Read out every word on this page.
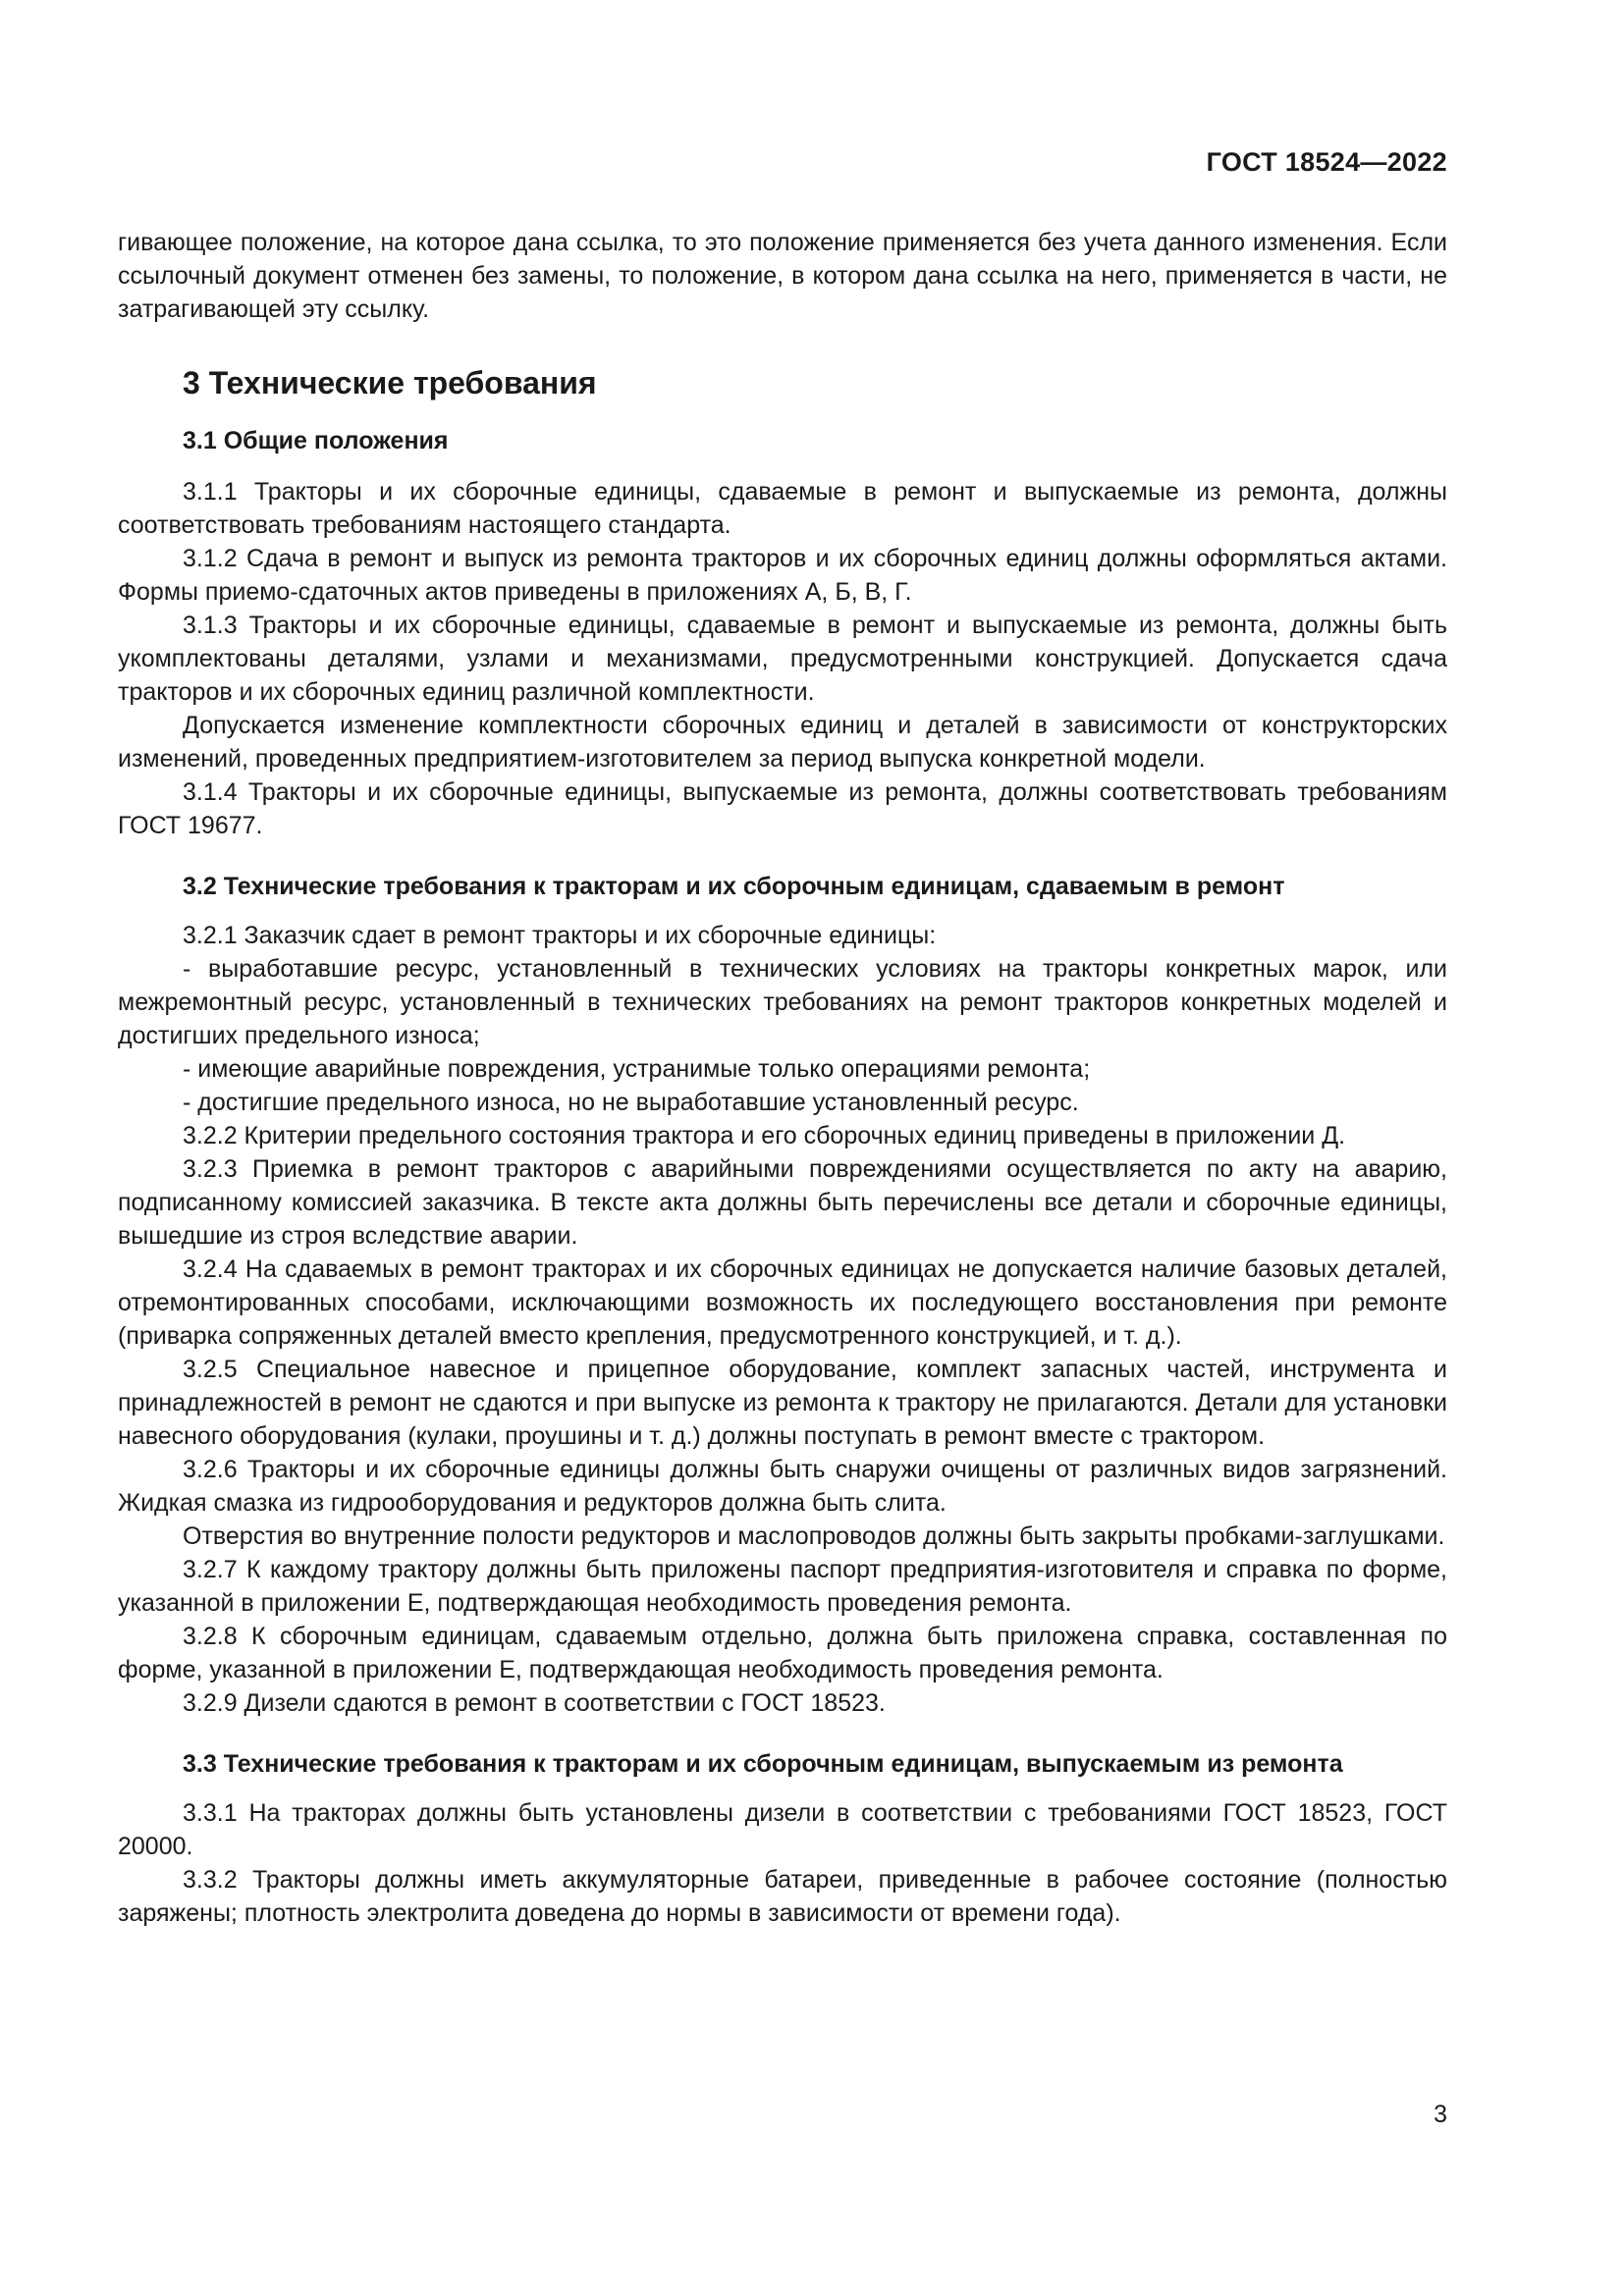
ГОСТ 18524—2022

гивающее положение, на которое дана ссылка, то это положение применяется без учета данного изменения. Если ссылочный документ отменен без замены, то положение, в котором дана ссылка на него, применяется в части, не затрагивающей эту ссылку.

3 Технические требования
3.1 Общие положения

3.1.1 Тракторы и их сборочные единицы, сдаваемые в ремонт и выпускаемые из ремонта, должны соответствовать требованиям настоящего стандарта.

3.1.2 Сдача в ремонт и выпуск из ремонта тракторов и их сборочных единиц должны оформляться актами. Формы приемо-сдаточных актов приведены в приложениях А, Б, В, Г.

3.1.3 Тракторы и их сборочные единицы, сдаваемые в ремонт и выпускаемые из ремонта, должны быть укомплектованы деталями, узлами и механизмами, предусмотренными конструкцией. Допускается сдача тракторов и их сборочных единиц различной комплектности.

Допускается изменение комплектности сборочных единиц и деталей в зависимости от конструкторских изменений, проведенных предприятием-изготовителем за период выпуска конкретной модели.

3.1.4 Тракторы и их сборочные единицы, выпускаемые из ремонта, должны соответствовать требованиям ГОСТ 19677.

3.2 Технические требования к тракторам и их сборочным единицам, сдаваемым в ремонт

3.2.1 Заказчик сдает в ремонт тракторы и их сборочные единицы:

- выработавшие ресурс, установленный в технических условиях на тракторы конкретных марок, или межремонтный ресурс, установленный в технических требованиях на ремонт тракторов конкретных моделей и достигших предельного износа;

- имеющие аварийные повреждения, устранимые только операциями ремонта;

- достигшие предельного износа, но не выработавшие установленный ресурс.

3.2.2 Критерии предельного состояния трактора и его сборочных единиц приведены в приложении Д.

3.2.3 Приемка в ремонт тракторов с аварийными повреждениями осуществляется по акту на аварию, подписанному комиссией заказчика. В тексте акта должны быть перечислены все детали и сборочные единицы, вышедшие из строя вследствие аварии.

3.2.4 На сдаваемых в ремонт тракторах и их сборочных единицах не допускается наличие базовых деталей, отремонтированных способами, исключающими возможность их последующего восстановления при ремонте (приварка сопряженных деталей вместо крепления, предусмотренного конструкцией, и т. д.).

3.2.5 Специальное навесное и прицепное оборудование, комплект запасных частей, инструмента и принадлежностей в ремонт не сдаются и при выпуске из ремонта к трактору не прилагаются. Детали для установки навесного оборудования (кулаки, проушины и т. д.) должны поступать в ремонт вместе с трактором.

3.2.6 Тракторы и их сборочные единицы должны быть снаружи очищены от различных видов загрязнений. Жидкая смазка из гидрооборудования и редукторов должна быть слита.

Отверстия во внутренние полости редукторов и маслопроводов должны быть закрыты пробками-заглушками.

3.2.7 К каждому трактору должны быть приложены паспорт предприятия-изготовителя и справка по форме, указанной в приложении Е, подтверждающая необходимость проведения ремонта.

3.2.8 К сборочным единицам, сдаваемым отдельно, должна быть приложена справка, составленная по форме, указанной в приложении Е, подтверждающая необходимость проведения ремонта.

3.2.9 Дизели сдаются в ремонт в соответствии с ГОСТ 18523.

3.3 Технические требования к тракторам и их сборочным единицам, выпускаемым из ремонта

3.3.1 На тракторах должны быть установлены дизели в соответствии с требованиями ГОСТ 18523, ГОСТ 20000.

3.3.2 Тракторы должны иметь аккумуляторные батареи, приведенные в рабочее состояние (полностью заряжены; плотность электролита доведена до нормы в зависимости от времени года).

3
